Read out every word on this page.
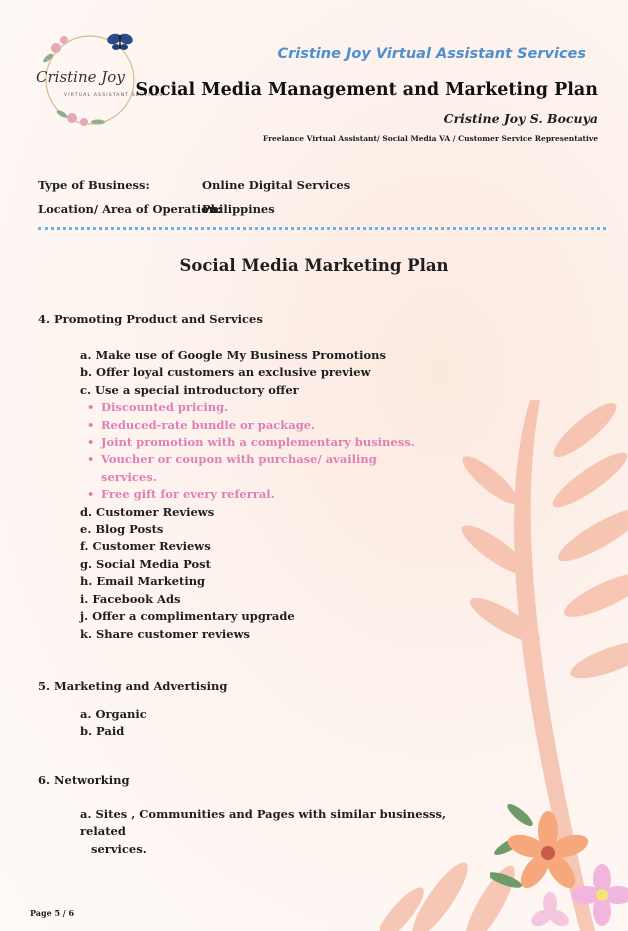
Cristine Joy
VIRTUAL ASSISTANT SERVICES
Cristine Joy Virtual Assistant Services
Social Media Management and Marketing Plan
Cristine Joy S. Bocuya
Freelance Virtual Assistant/ Social Media VA / Customer Service Representative
Type of Business:	Online Digital Services
Location/ Area of Operation:
Philippines
Social Media Marketing Plan
4. Promoting Product and Services
a. Make use of Google My Business Promotions
b. Offer loyal customers an exclusive preview
c. Use a special introductory offer
• Discounted pricing.
• Reduced-rate bundle or package.
• Joint promotion with a complementary business.
• Voucher or coupon with purchase/ availing
services.
• Free gift for every referral.
d. Customer Reviews
e. Blog Posts
f. Customer Reviews
g. Social Media Post
h. Email Marketing
i. Facebook Ads
j. Offer a complimentary upgrade
k. Share customer reviews
5. Marketing and Advertising
a. Organic
b. Paid
6. Networking
a. Sites , Communities and Pages with similar businesss, related
services.
Page 5 / 6
